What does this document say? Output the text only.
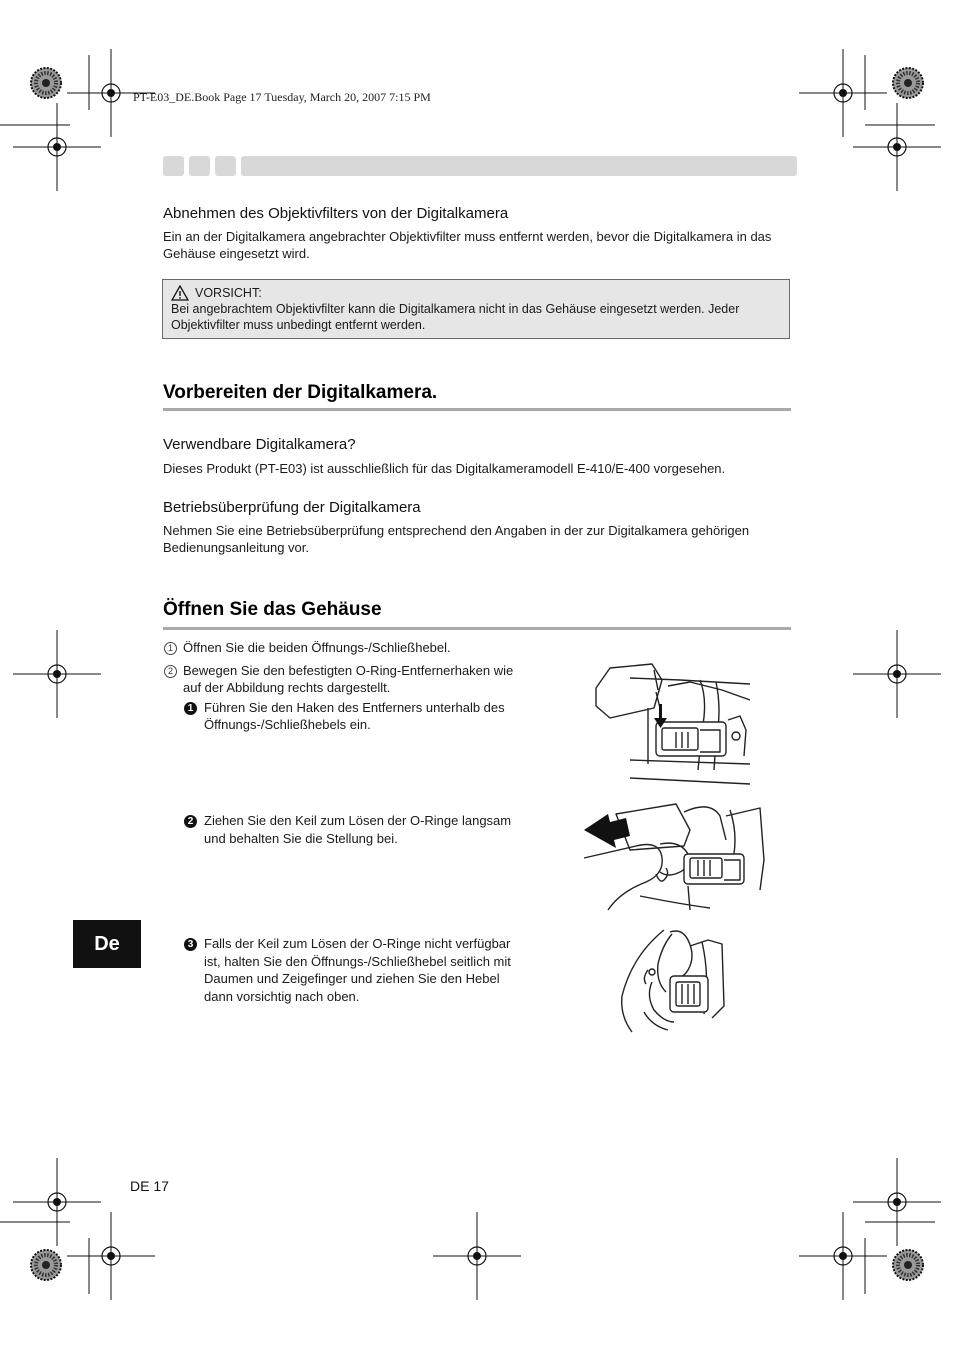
PT-E03_DE.Book Page 17 Tuesday, March 20, 2007 7:15 PM
Abnehmen des Objektivfilters von der Digitalkamera
Ein an der Digitalkamera angebrachter Objektivfilter muss entfernt werden, bevor die Digitalkamera in das Gehäuse eingesetzt wird.
VORSICHT:
Bei angebrachtem Objektivfilter kann die Digitalkamera nicht in das Gehäuse eingesetzt werden. Jeder Objektivfilter muss unbedingt entfernt werden.
Vorbereiten der Digitalkamera.
Verwendbare Digitalkamera?
Dieses Produkt (PT-E03) ist ausschließlich für das Digitalkameramodell E-410/E-400 vorgesehen.
Betriebsüberprüfung der Digitalkamera
Nehmen Sie eine Betriebsüberprüfung entsprechend den Angaben in der zur Digitalkamera gehörigen Bedienungsanleitung vor.
Öffnen Sie das Gehäuse
1 Öffnen Sie die beiden Öffnungs-/Schließhebel.
2 Bewegen Sie den befestigten O-Ring-Entfernerhaken wie
auf der Abbildung rechts dargestellt.
1 Führen Sie den Haken des Entferners unterhalb des
Öffnungs-/Schließhebels ein.
2 Ziehen Sie den Keil zum Lösen der O-Ringe langsam
und behalten Sie die Stellung bei.
3 Falls der Keil zum Lösen der O-Ringe nicht verfügbar
ist, halten Sie den Öffnungs-/Schließhebel seitlich mit
Daumen und Zeigefinger und ziehen Sie den Hebel
dann vorsichtig nach oben.
De
DE 17
